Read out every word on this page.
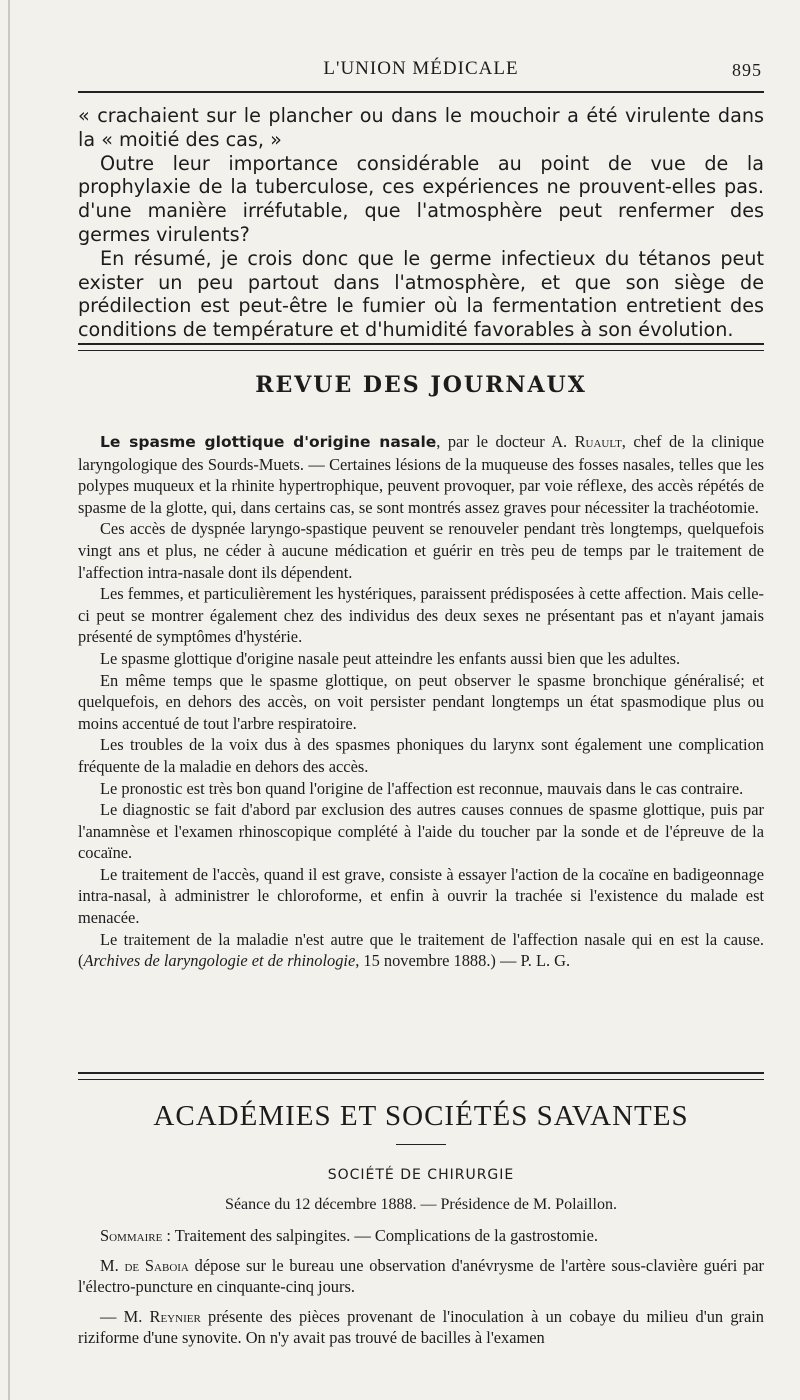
L'UNION MÉDICALE	895

« crachaient sur le plancher ou dans le mouchoir a été virulente dans la « moitié des cas, »

Outre leur importance considérable au point de vue de la prophylaxie de la tuberculose, ces expériences ne prouvent-elles pas. d'une manière irréfutable, que l'atmosphère peut renfermer des germes virulents?

En résumé, je crois donc que le germe infectieux du tétanos peut exister un peu partout dans l'atmosphère, et que son siège de prédilection est peut-être le fumier où la fermentation entretient des conditions de température et d'humidité favorables à son évolution.

REVUE DES JOURNAUX

Le spasme glottique d'origine nasale, par le docteur A. Ruault, chef de la clinique laryngologique des Sourds-Muets. — Certaines lésions de la muqueuse des fosses nasales, telles que les polypes muqueux et la rhinite hypertrophique, peuvent provoquer, par voie réflexe, des accès répétés de spasme de la glotte, qui, dans certains cas, se sont montrés assez graves pour nécessiter la trachéotomie.

Ces accès de dyspnée laryngo-spastique peuvent se renouveler pendant très longtemps, quelquefois vingt ans et plus, ne céder à aucune médication et guérir en très peu de temps par le traitement de l'affection intra-nasale dont ils dépendent.

Les femmes, et particulièrement les hystériques, paraissent prédisposées à cette affection. Mais celle-ci peut se montrer également chez des individus des deux sexes ne présentant pas et n'ayant jamais présenté de symptômes d'hystérie.

Le spasme glottique d'origine nasale peut atteindre les enfants aussi bien que les adultes.

En même temps que le spasme glottique, on peut observer le spasme bronchique généralisé; et quelquefois, en dehors des accès, on voit persister pendant longtemps un état spasmodique plus ou moins accentué de tout l'arbre respiratoire.

Les troubles de la voix dus à des spasmes phoniques du larynx sont également une complication fréquente de la maladie en dehors des accès.

Le pronostic est très bon quand l'origine de l'affection est reconnue, mauvais dans le cas contraire.

Le diagnostic se fait d'abord par exclusion des autres causes connues de spasme glottique, puis par l'anamnèse et l'examen rhinoscopique complété à l'aide du toucher par la sonde et de l'épreuve de la cocaïne.

Le traitement de l'accès, quand il est grave, consiste à essayer l'action de la cocaïne en badigeonnage intra-nasal, à administrer le chloroforme, et enfin à ouvrir la trachée si l'existence du malade est menacée.

Le traitement de la maladie n'est autre que le traitement de l'affection nasale qui en est la cause. (Archives de laryngologie et de rhinologie, 15 novembre 1888.) — P. L. G.

ACADÉMIES ET SOCIÉTÉS SAVANTES
SOCIÉTÉ DE CHIRURGIE
Séance du 12 décembre 1888. — Présidence de M. Polaillon.

Sommaire : Traitement des salpingites. — Complications de la gastrostomie.

M. de Saboia dépose sur le bureau une observation d'anévrysme de l'artère sous-clavière guéri par l'électro-puncture en cinquante-cinq jours.

— M. Reynier présente des pièces provenant de l'inoculation à un cobaye du milieu d'un grain riziforme d'une synovite. On n'y avait pas trouvé de bacilles à l'examen
